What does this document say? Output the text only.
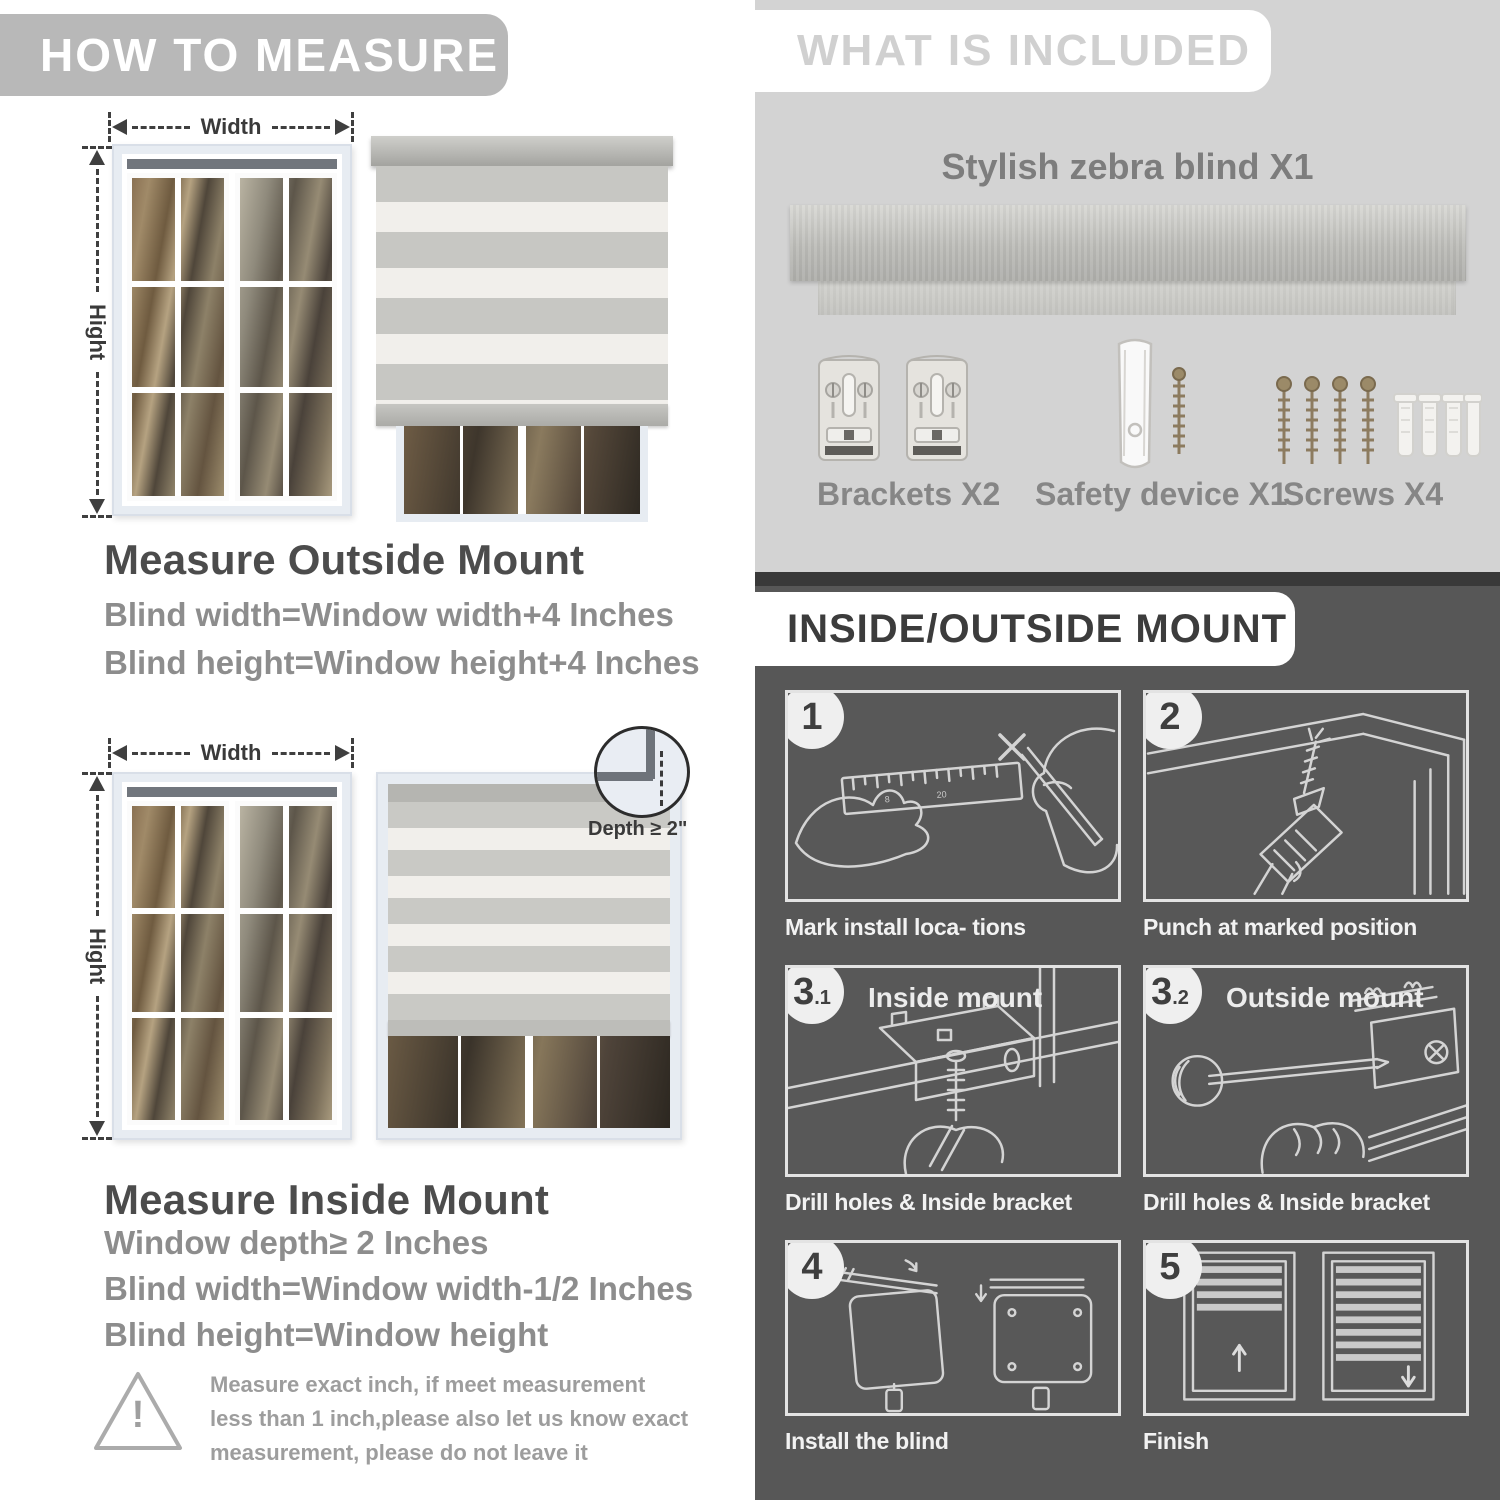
HOW TO MEASURE
Width
Hight
Measure Outside Mount
Blind width=Window width+4 Inches
Blind height=Window height+4 Inches
Width
Hight
Depth ≥ 2"
Measure Inside Mount
Window depth≥ 2 Inches
Blind width=Window width-1/2 Inches
Blind height=Window height
!
Measure exact inch, if meet measurement less than 1 inch,please also let us know exact measurement, please do not leave it
WHAT IS INCLUDED
Stylish zebra blind X1
Brackets X2 Safety device X1
Screws X4
INSIDE/OUTSIDE MOUNT
1
8	20

Mark install loca- tions

2

Punch at marked position

3 .1 Inside mount

Drill holes & Inside bracket

3 .2 Outside mount

Drill holes & Inside bracket

4

Install the blind

5

Finish
